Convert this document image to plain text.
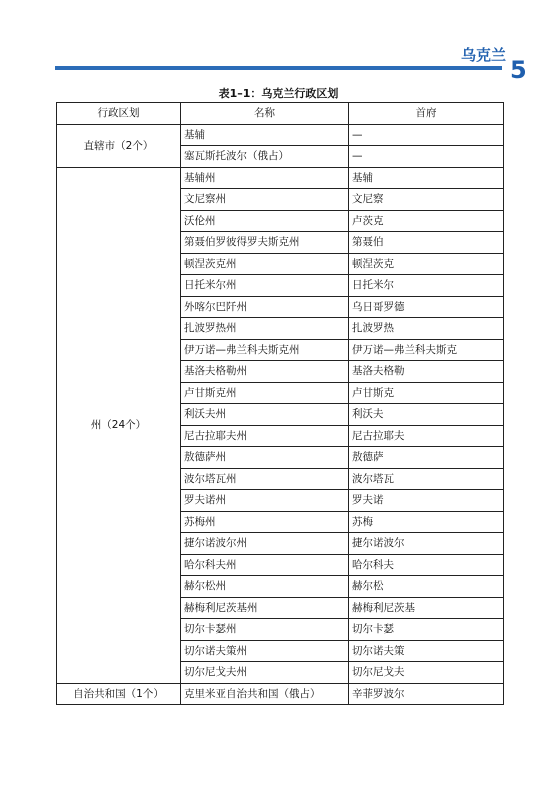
乌克兰
5
表1–1：乌克兰行政区划
行政区划	名称	首府
直辖市（2个）	基辅	—
	塞瓦斯托波尔（俄占）	—
州（24个）	基辅州	基辅
	文尼察州	文尼察
	沃伦州	卢茨克
	第聂伯罗彼得罗夫斯克州	第聂伯
	顿涅茨克州	顿涅茨克
	日托米尔州	日托米尔
	外喀尔巴阡州	乌日哥罗德
	扎波罗热州	扎波罗热
	伊万诺—弗兰科夫斯克州	伊万诺—弗兰科夫斯克
	基洛夫格勒州	基洛夫格勒
	卢甘斯克州	卢甘斯克
	利沃夫州	利沃夫
	尼古拉耶夫州	尼古拉耶夫
	敖德萨州	敖德萨
	波尔塔瓦州	波尔塔瓦
	罗夫诺州	罗夫诺
	苏梅州	苏梅
	捷尔诺波尔州	捷尔诺波尔
	哈尔科夫州	哈尔科夫
	赫尔松州	赫尔松
	赫梅利尼茨基州	赫梅利尼茨基
	切尔卡瑟州	切尔卡瑟
	切尔诺夫策州	切尔诺夫策
	切尔尼戈夫州	切尔尼戈夫
自治共和国（1个）	克里米亚自治共和国（俄占）	辛菲罗波尔
